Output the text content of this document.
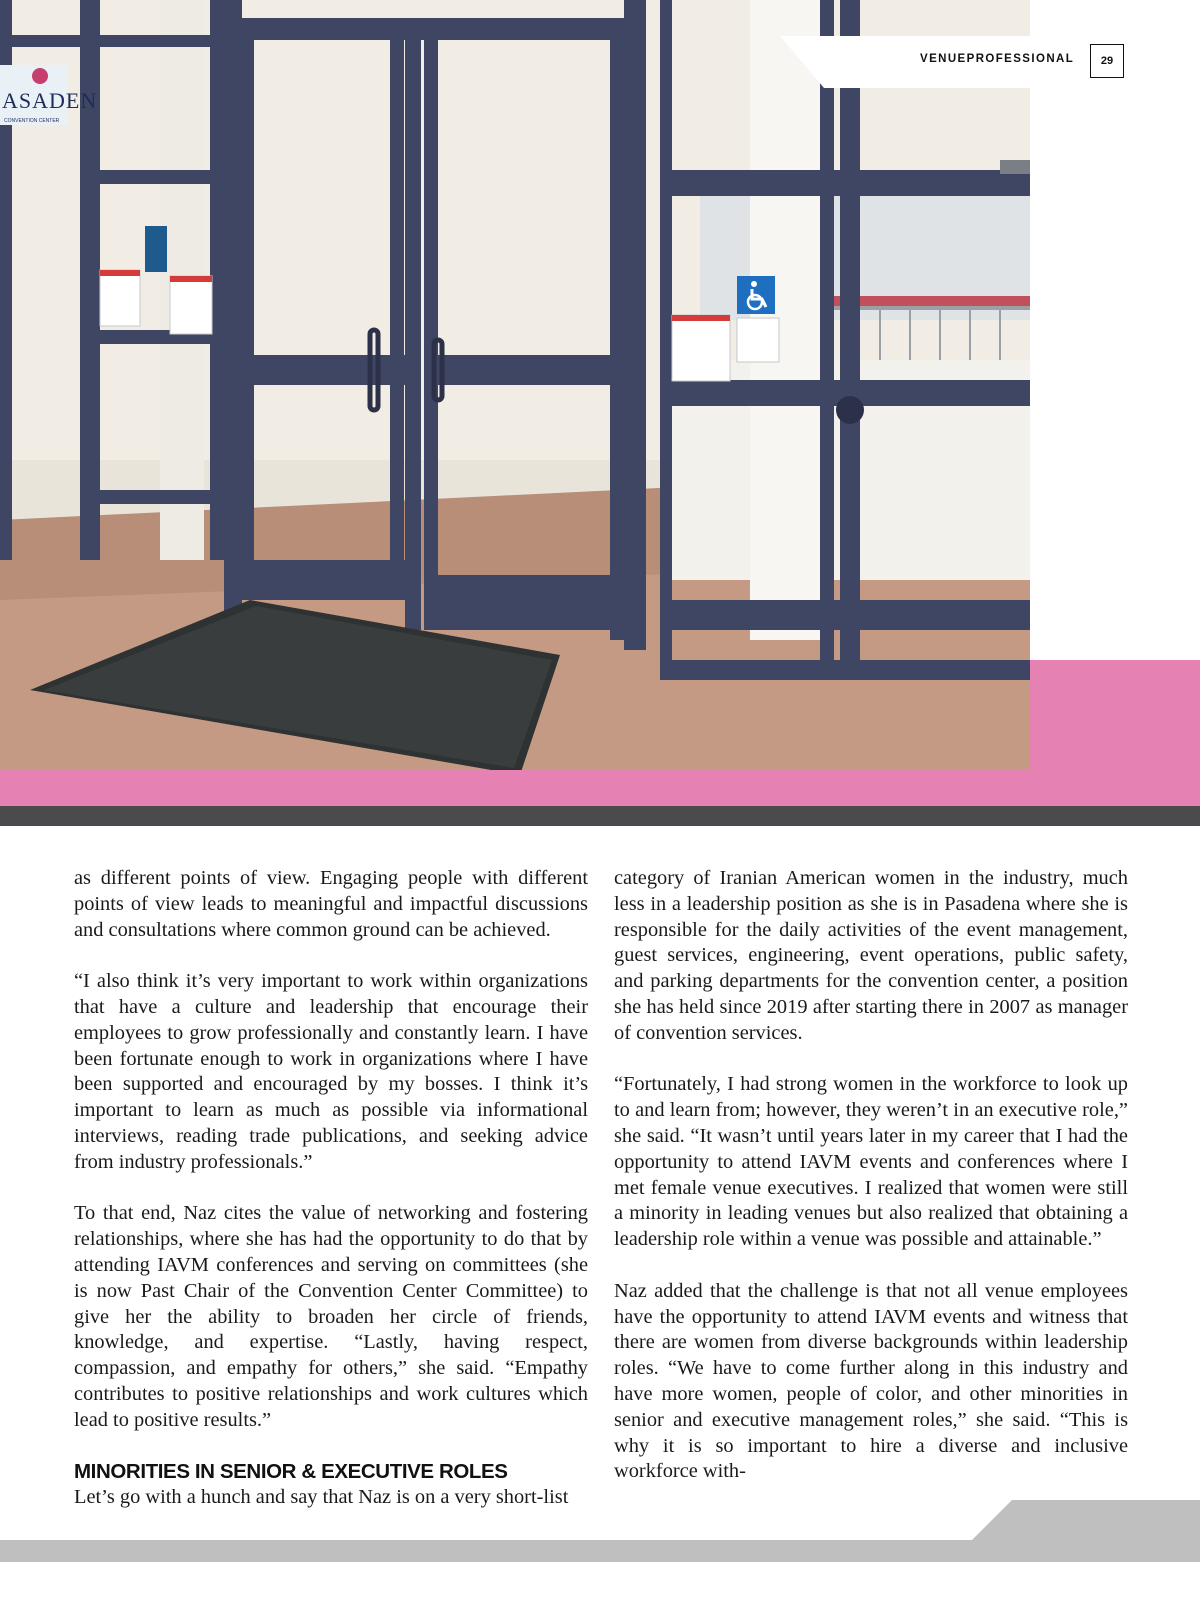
ASADEN
CONVENTION CENTER
VENUEPROFESSIONAL	29

as different points of view. Engaging people with different points of view leads to meaningful and impactful discussions and consultations where common ground can be achieved.

“I also think it’s very important to work within organizations that have a culture and leadership that encourage their employees to grow professionally and constantly learn. I have been fortunate enough to work in organizations where I have been supported and encouraged by my bosses. I think it’s important to learn as much as possible via informational interviews, reading trade publications, and seeking advice from industry professionals.”

To that end, Naz cites the value of networking and fostering relationships, where she has had the opportunity to do that by attending IAVM conferences and serving on committees (she is now Past Chair of the Convention Center Committee) to give her the ability to broaden her circle of friends, knowledge, and expertise. “Lastly, having respect, compassion, and empathy for others,” she said. “Empathy contributes to positive relationships and work cultures which lead to positive results.”

MINORITIES IN SENIOR & EXECUTIVE ROLES

Let’s go with a hunch and say that Naz is on a very short-list

category of Iranian American women in the industry, much less in a leadership position as she is in Pasadena where she is responsible for the daily activities of the event management, guest services, engineering, event operations, public safety, and parking departments for the convention center, a position she has held since 2019 after starting there in 2007 as manager of convention services.

“Fortunately, I had strong women in the workforce to look up to and learn from; however, they weren’t in an executive role,” she said. “It wasn’t until years later in my career that I had the opportunity to attend IAVM events and conferences where I met female venue executives. I realized that women were still a minority in leading venues but also realized that obtaining a leadership role within a venue was possible and attainable.”

Naz added that the challenge is that not all venue employees have the opportunity to attend IAVM events and witness that there are women from diverse backgrounds within leadership roles. “We have to come further along in this industry and have more women, people of color, and other minorities in senior and executive management roles,” she said. “This is why it is so important to hire a diverse and inclusive workforce with-
